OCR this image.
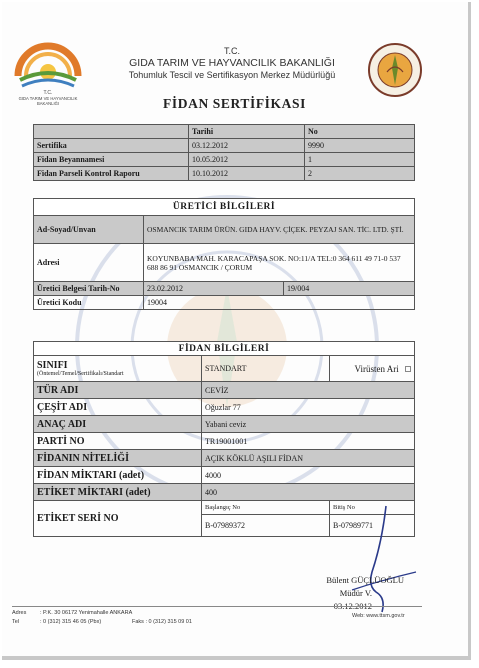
T.C.
GIDA TARIM VE HAYVANCILIK
BAKANLIĞI
T.C.
GIDA TARIM VE HAYVANCILIK BAKANLIĞI
Tohumluk Tescil ve Sertifikasyon Merkez Müdürlüğü
FİDAN SERTİFİKASI
	Tarihi	No
Sertifika	03.12.2012	9990
Fidan Beyannamesi	10.05.2012	1
Fidan Parseli Kontrol Raporu	10.10.2012	2
ÜRETİCİ BİLGİLERİ		
Ad-Soyad/Unvan	OSMANCIK TARIM ÜRÜN. GIDA HAYV. ÇİÇEK. PEYZAJ SAN. TİC. LTD. ŞTİ.	
Adresi	KOYUNBABA MAH. KARACAPAŞA SOK. NO:11/A TEL:0 364 611 49 71-0 537 688 86 91 OSMANCIK / ÇORUM	
Üretici Belgesi Tarih-No	23.02.2012	19/004
Üretici Kodu	19004	
FİDAN BİLGİLERİ		

SINIFI
(Öntemel/Temel/Sertifikalı/Standart	STANDART	Virüsten Ari
TÜR ADI	CEVİZ	
ÇEŞİT ADI	Oğuzlar 77	
ANAÇ ADI	Yabani ceviz	
PARTİ NO	TR19001001	
FİDANIN NİTELİĞİ	AÇIK KÖKLÜ AŞILI FİDAN	
FİDAN MİKTARI (adet)	4000	
ETİKET MİKTARI (adet)	400	
ETİKET SERİ NO	Başlangıç No	Bitiş No
	B-07989372	B-07989771
Bülent GÜÇLÜOĞLU
Müdür V.
03.12.2012
Adres : P.K. 30 06172 Yenimahalle ANKARA
Tel	: 0 (312) 315 46 05 (Pbx)	Faks : 0 (312) 315 09 01
Web: www.ttsm.gov.tr
